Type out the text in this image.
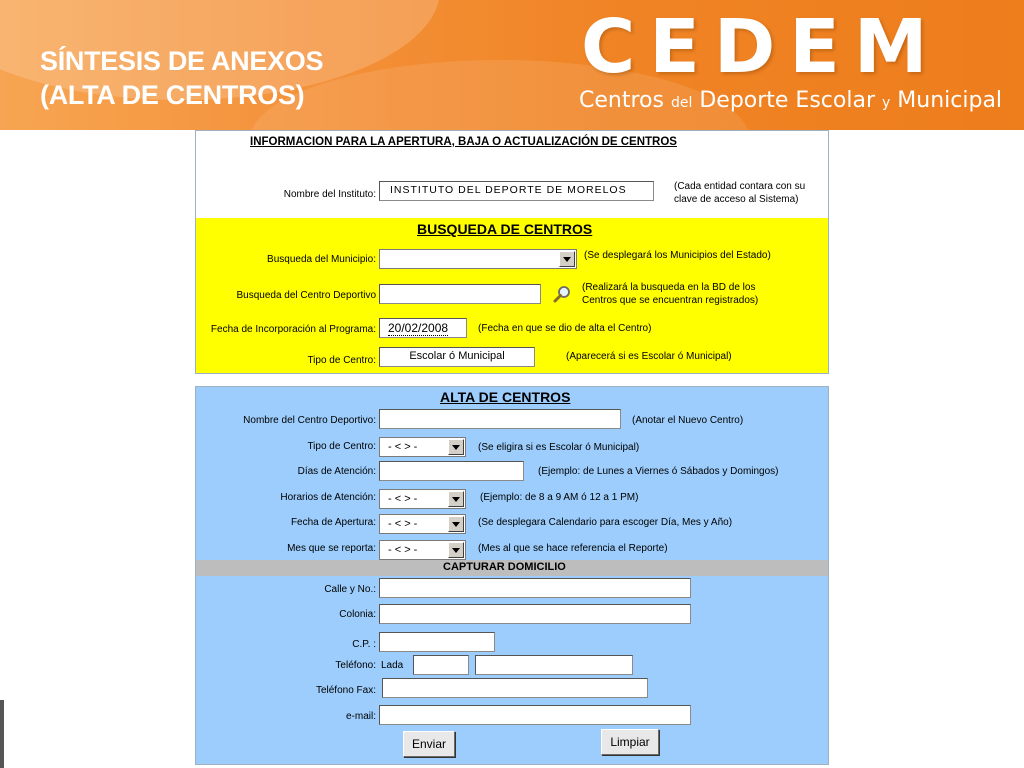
SÍNTESIS DE ANEXOS
(ALTA DE CENTROS)
CEDEM
Centros del Deporte Escolar y Municipal
INFORMACION PARA LA APERTURA, BAJA O ACTUALIZACIÓN DE CENTROS
Nombre del Instituto:	INSTITUTO DEL DEPORTE DE MORELOS	(Cada entidad contara con su
clave de acceso al Sistema)
BUSQUEDA DE CENTROS
Busqueda del Municipio:	(Se desplegará los Municipios del Estado)
Busqueda del Centro Deportivo
(Realizará la busqueda en la BD de los
Centros que se encuentran registrados)
Fecha de Incorporación al Programa:	20/02/2008	(Fecha en que se dio de alta el Centro)
Tipo de Centro:	Escolar ó Municipal	(Aparecerá si es Escolar ó Municipal)
ALTA DE CENTROS
Nombre del Centro Deportivo:	(Anotar el Nuevo Centro)
Tipo de Centro: - < > -	(Se eligira si es Escolar ó Municipal)
Días de Atención:	(Ejemplo: de Lunes a Viernes ó Sábados y Domingos)
Horarios de Atención: - < > -	(Ejemplo: de 8 a 9 AM ó 12 a 1 PM)
Fecha de Apertura: - < > -	(Se desplegara Calendario para escoger Día, Mes y Año)
Mes que se reporta: - < > -	(Mes al que se hace referencia el Reporte)
CAPTURAR DOMICILIO
Calle y No.:
Colonia:
C.P. :
Teléfono: Lada
Teléfono Fax:
e-mail:
Enviar	Limpiar
